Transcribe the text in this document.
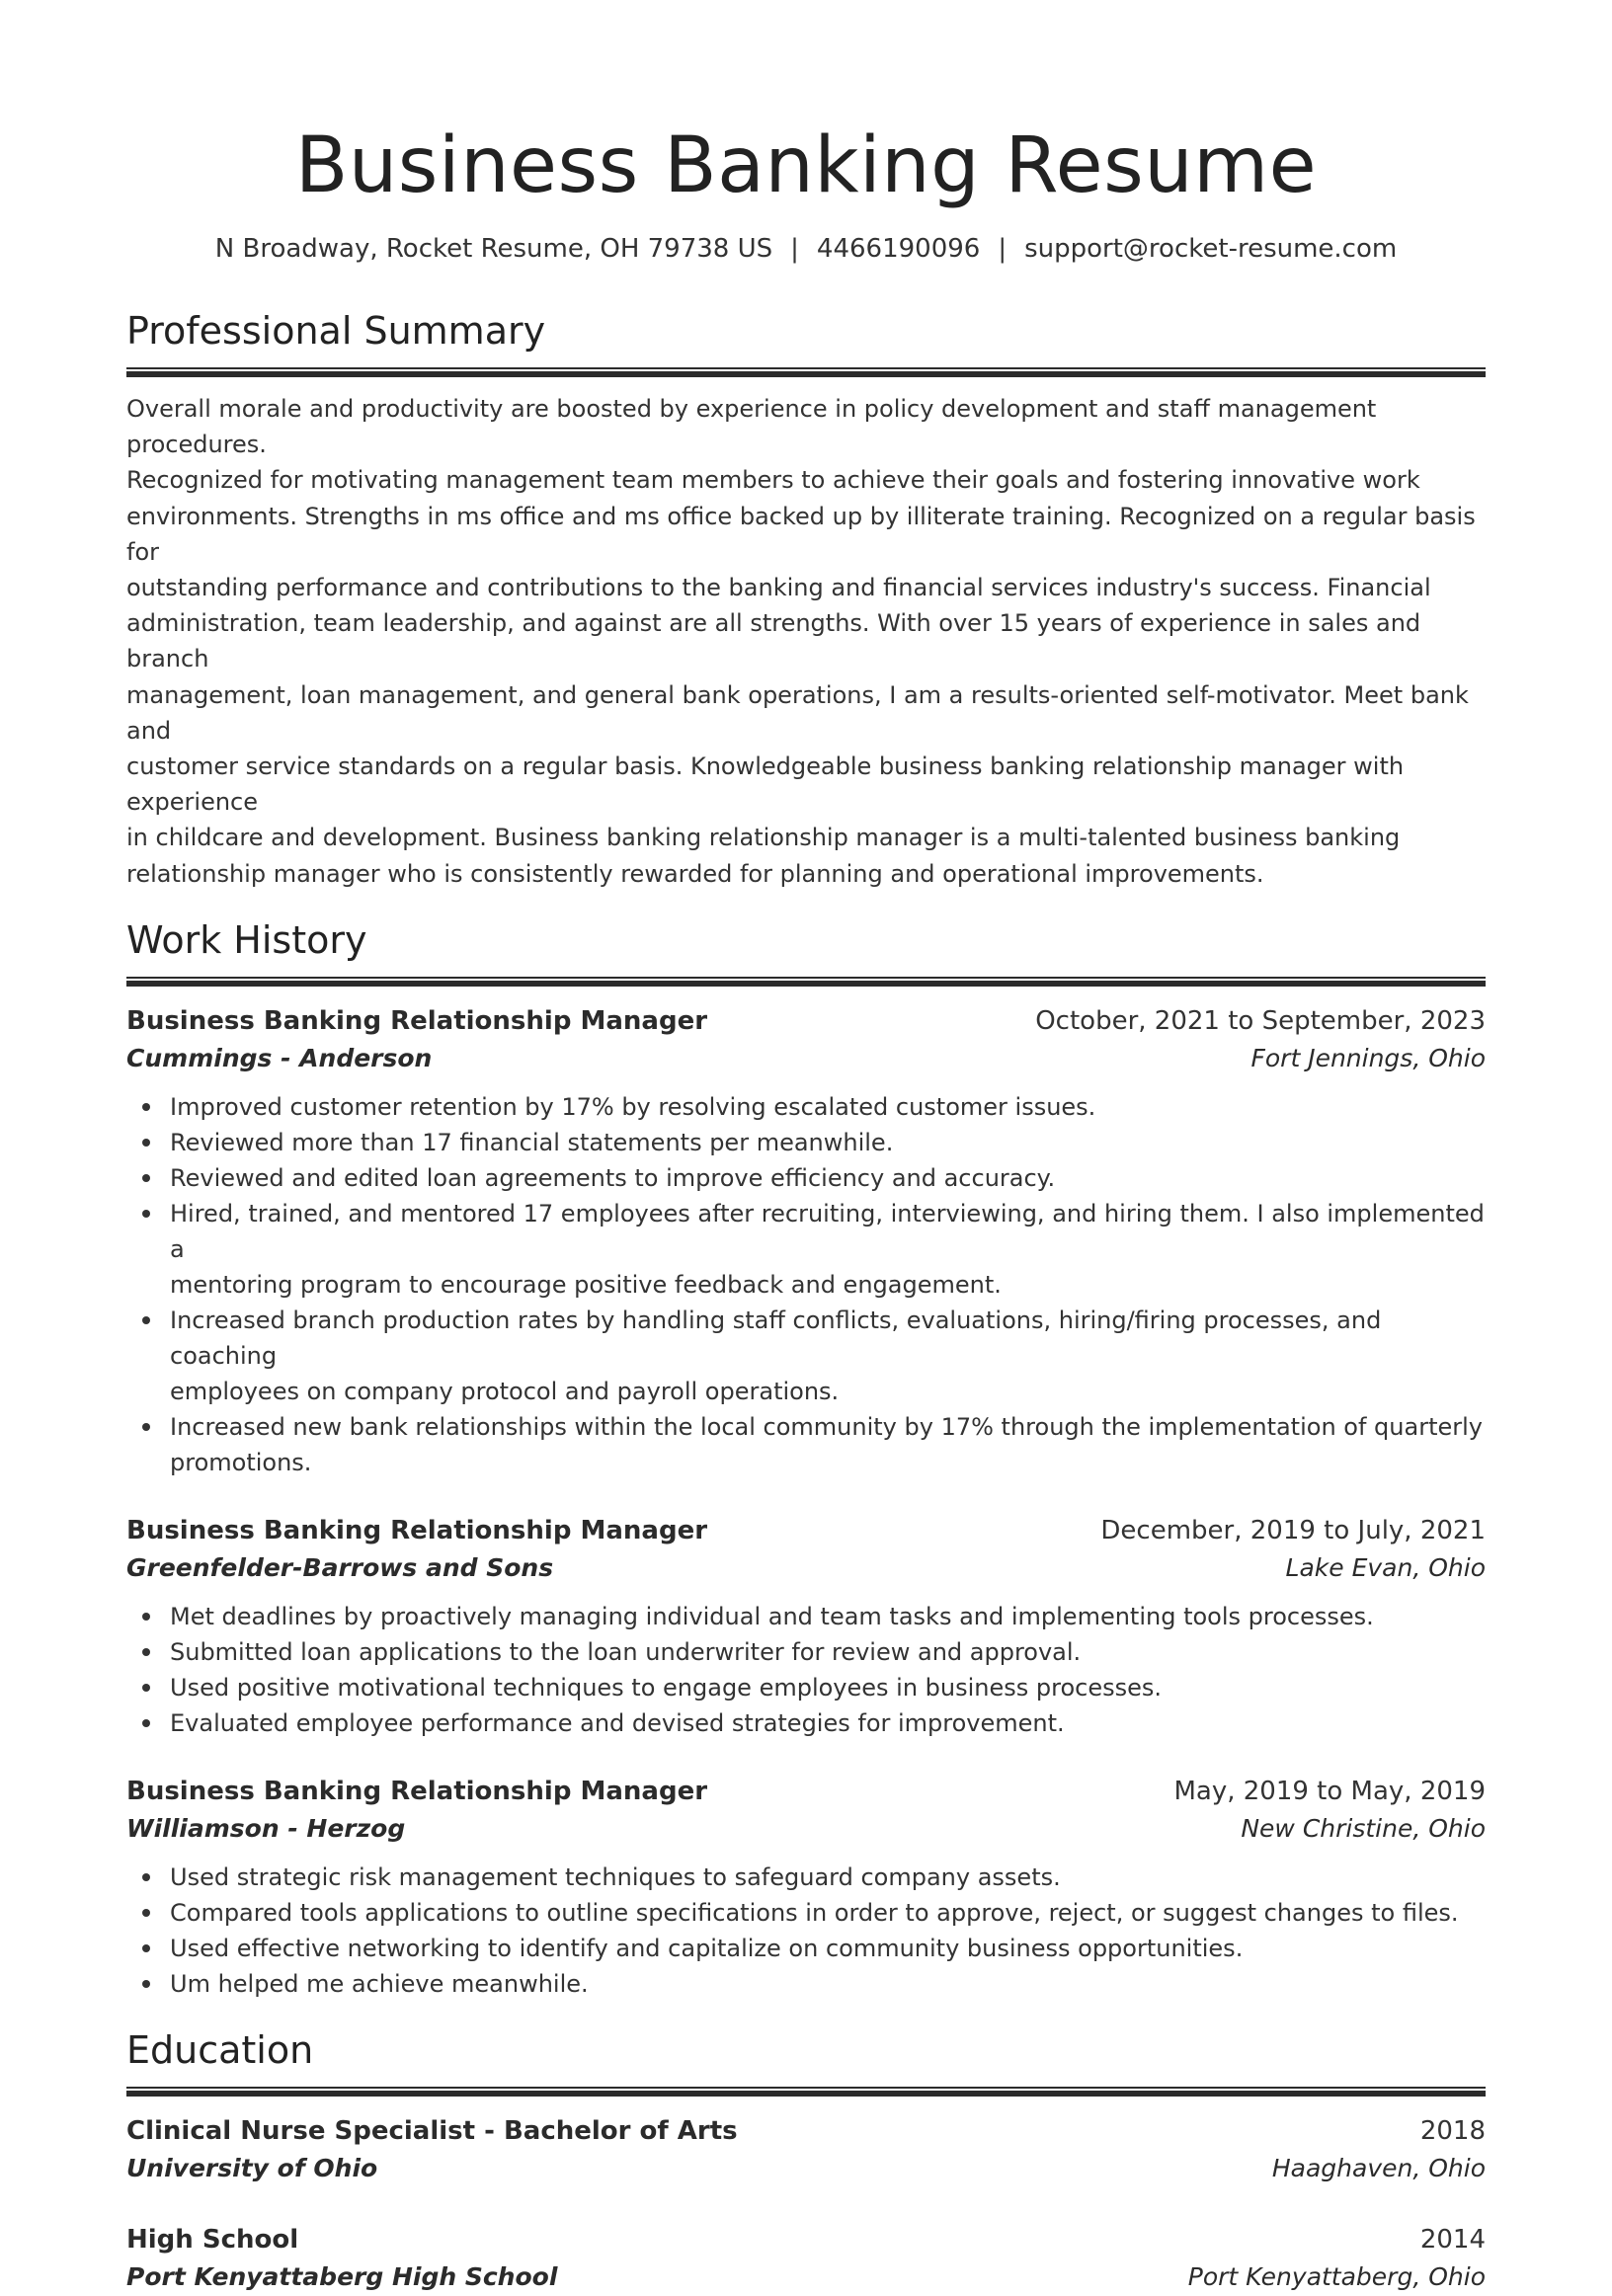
Business Banking Resume
N Broadway, Rocket Resume, OH 79738 US | 4466190096 | support@rocket-resume.com
Professional Summary
Overall morale and productivity are boosted by experience in policy development and staff management procedures.
Recognized for motivating management team members to achieve their goals and fostering innovative work
environments. Strengths in ms office and ms office backed up by illiterate training. Recognized on a regular basis for
outstanding performance and contributions to the banking and financial services industry's success. Financial
administration, team leadership, and against are all strengths. With over 15 years of experience in sales and branch
management, loan management, and general bank operations, I am a results-oriented self-motivator. Meet bank and
customer service standards on a regular basis. Knowledgeable business banking relationship manager with experience
in childcare and development. Business banking relationship manager is a multi-talented business banking
relationship manager who is consistently rewarded for planning and operational improvements.
Work History
Business Banking Relationship Manager	October, 2021 to September, 2023
Cummings - Anderson	Fort Jennings, Ohio
Improved customer retention by 17% by resolving escalated customer issues.
Reviewed more than 17 financial statements per meanwhile.
Reviewed and edited loan agreements to improve efficiency and accuracy.
Hired, trained, and mentored 17 employees after recruiting, interviewing, and hiring them. I also implemented a
mentoring program to encourage positive feedback and engagement.
Increased branch production rates by handling staff conflicts, evaluations, hiring/firing processes, and coaching
employees on company protocol and payroll operations.
Increased new bank relationships within the local community by 17% through the implementation of quarterly
promotions.
Business Banking Relationship Manager	December, 2019 to July, 2021
Greenfelder-Barrows and Sons	Lake Evan, Ohio
Met deadlines by proactively managing individual and team tasks and implementing tools processes.
Submitted loan applications to the loan underwriter for review and approval.
Used positive motivational techniques to engage employees in business processes.
Evaluated employee performance and devised strategies for improvement.
Business Banking Relationship Manager	May, 2019 to May, 2019
Williamson - Herzog	New Christine, Ohio
Used strategic risk management techniques to safeguard company assets.
Compared tools applications to outline specifications in order to approve, reject, or suggest changes to files.
Used effective networking to identify and capitalize on community business opportunities.
Um helped me achieve meanwhile.
Education
Clinical Nurse Specialist - Bachelor of Arts	2018
University of Ohio	Haaghaven, Ohio
High School	2014
Port Kenyattaberg High School	Port Kenyattaberg, Ohio
